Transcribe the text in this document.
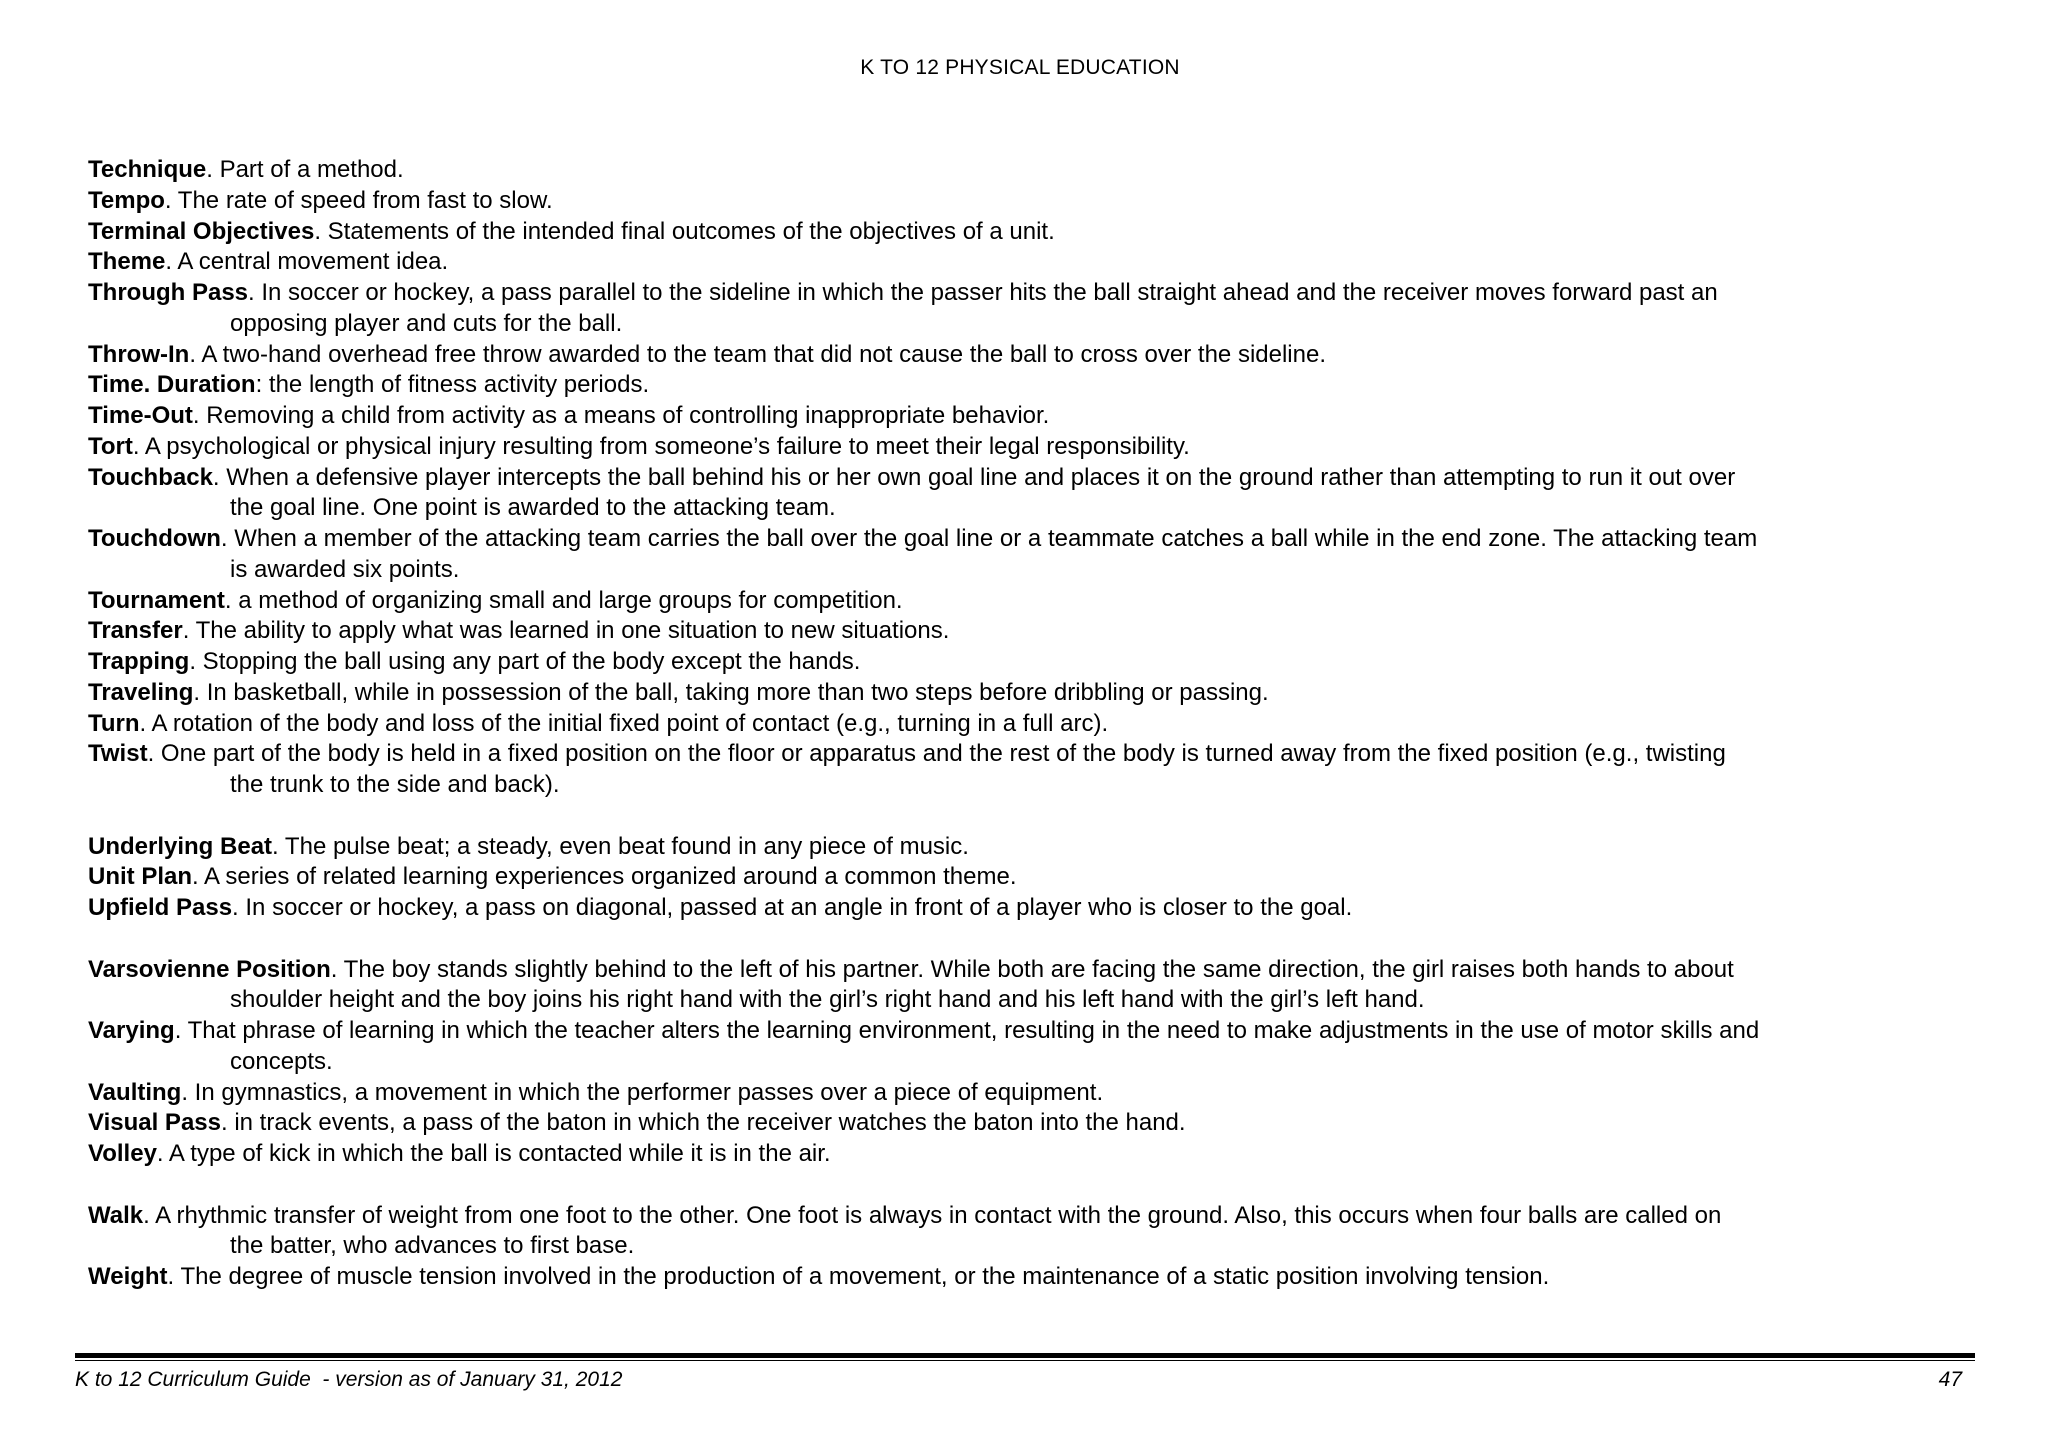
K TO 12 PHYSICAL EDUCATION
Technique. Part of a method.
Tempo. The rate of speed from fast to slow.
Terminal Objectives. Statements of the intended final outcomes of the objectives of a unit.
Theme. A central movement idea.
Through Pass. In soccer or hockey, a pass parallel to the sideline in which the passer hits the ball straight ahead and the receiver moves forward past an
opposing player and cuts for the ball.
Throw-In. A two-hand overhead free throw awarded to the team that did not cause the ball to cross over the sideline.
Time. Duration: the length of fitness activity periods.
Time-Out. Removing a child from activity as a means of controlling inappropriate behavior.
Tort. A psychological or physical injury resulting from someone’s failure to meet their legal responsibility.
Touchback. When a defensive player intercepts the ball behind his or her own goal line and places it on the ground rather than attempting to run it out over
the goal line. One point is awarded to the attacking team.
Touchdown. When a member of the attacking team carries the ball over the goal line or a teammate catches a ball while in the end zone. The attacking team
is awarded six points.
Tournament. a method of organizing small and large groups for competition.
Transfer. The ability to apply what was learned in one situation to new situations.
Trapping. Stopping the ball using any part of the body except the hands.
Traveling. In basketball, while in possession of the ball, taking more than two steps before dribbling or passing.
Turn. A rotation of the body and loss of the initial fixed point of contact (e.g., turning in a full arc).
Twist. One part of the body is held in a fixed position on the floor or apparatus and the rest of the body is turned away from the fixed position (e.g., twisting
the trunk to the side and back).
Underlying Beat. The pulse beat; a steady, even beat found in any piece of music.
Unit Plan. A series of related learning experiences organized around a common theme.
Upfield Pass. In soccer or hockey, a pass on diagonal, passed at an angle in front of a player who is closer to the goal.
Varsovienne Position. The boy stands slightly behind to the left of his partner. While both are facing the same direction, the girl raises both hands to about
shoulder height and the boy joins his right hand with the girl’s right hand and his left hand with the girl’s left hand.
Varying. That phrase of learning in which the teacher alters the learning environment, resulting in the need to make adjustments in the use of motor skills and
concepts.
Vaulting. In gymnastics, a movement in which the performer passes over a piece of equipment.
Visual Pass. in track events, a pass of the baton in which the receiver watches the baton into the hand.
Volley. A type of kick in which the ball is contacted while it is in the air.
Walk. A rhythmic transfer of weight from one foot to the other. One foot is always in contact with the ground. Also, this occurs when four balls are called on
the batter, who advances to first base.
Weight. The degree of muscle tension involved in the production of a movement, or the maintenance of a static position involving tension.
K to 12 Curriculum Guide  - version as of January 31, 2012	47
